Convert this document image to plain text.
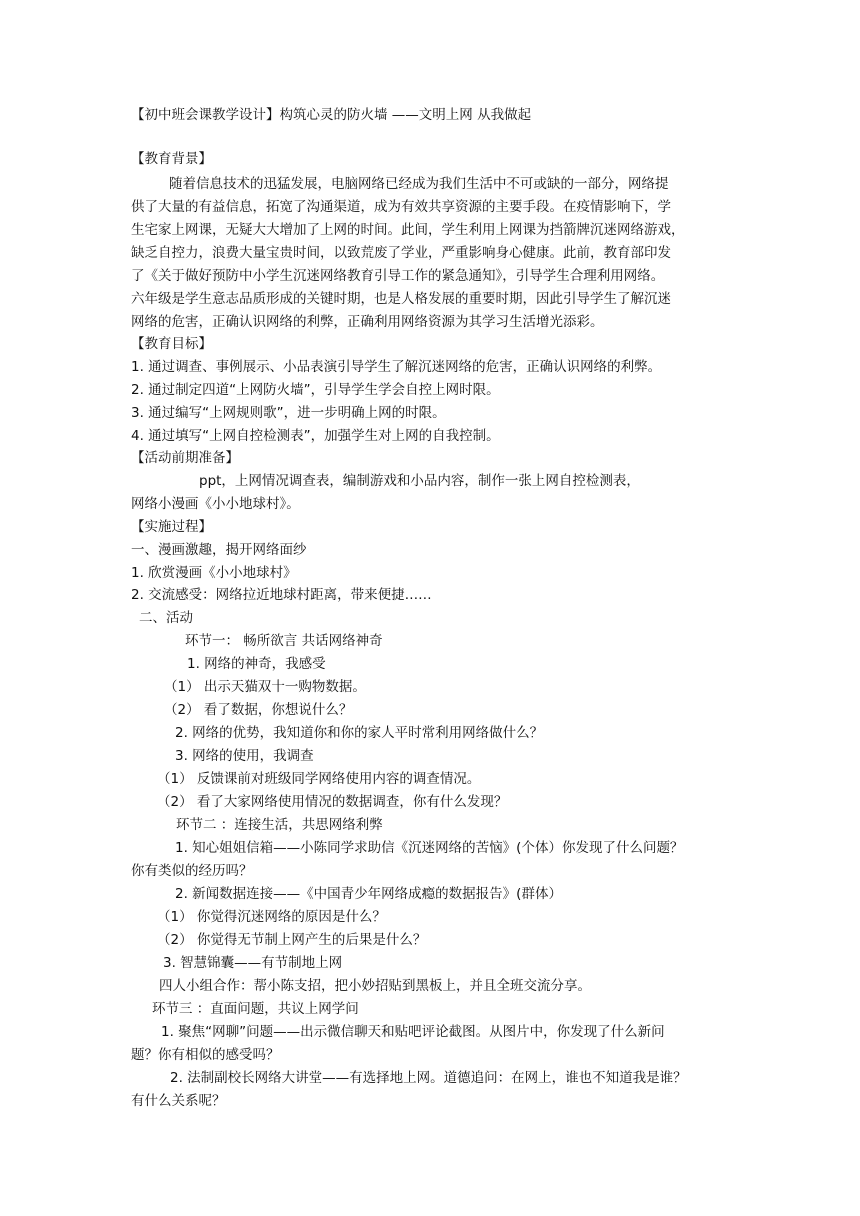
【初中班会课教学设计】构筑心灵的防火墙 ——文明上网 从我做起

【教育背景】

随着信息技术的迅猛发展，电脑网络已经成为我们生活中不可或缺的一部分，网络提

供了大量的有益信息，拓宽了沟通渠道，成为有效共享资源的主要手段。在疫情影响下，学

生宅家上网课，无疑大大增加了上网的时间。此间，学生利用上网课为挡箭牌沉迷网络游戏，

缺乏自控力，浪费大量宝贵时间，以致荒废了学业，严重影响身心健康。此前，教育部印发

了《关于做好预防中小学生沉迷网络教育引导工作的紧急通知》，引导学生合理利用网络。

六年级是学生意志品质形成的关键时期，也是人格发展的重要时期，因此引导学生了解沉迷

网络的危害，正确认识网络的利弊，正确利用网络资源为其学习生活增光添彩。

【教育目标】

1. 通过调查、事例展示、小品表演引导学生了解沉迷网络的危害，正确认识网络的利弊。

2. 通过制定四道“上网防火墙”，引导学生学会自控上网时限。

3. 通过编写“上网规则歌”，进一步明确上网的时限。

4. 通过填写“上网自控检测表”，加强学生对上网的自我控制。

【活动前期准备】

ppt，上网情况调查表，编制游戏和小品内容，制作一张上网自控检测表，

网络小漫画《小小地球村》。

【实施过程】

一、漫画激趣，揭开网络面纱

1. 欣赏漫画《小小地球村》

2. 交流感受：网络拉近地球村距离，带来便捷……

二、活动

环节一： 畅所欲言 共话网络神奇

1. 网络的神奇，我感受

（1） 出示天猫双十一购物数据。

（2） 看了数据，你想说什么？

2. 网络的优势，我知道你和你的家人平时常利用网络做什么？

3. 网络的使用，我调查

（1） 反馈课前对班级同学网络使用内容的调查情况。

（2） 看了大家网络使用情况的数据调查，你有什么发现？

环节二 ：连接生活，共思网络利弊

1. 知心姐姐信箱——小陈同学求助信《沉迷网络的苦恼》(个体）你发现了什么问题？

你有类似的经历吗？

2. 新闻数据连接——《中国青少年网络成瘾的数据报告》(群体）

（1） 你觉得沉迷网络的原因是什么？

（2） 你觉得无节制上网产生的后果是什么？

3. 智慧锦囊——有节制地上网

四人小组合作：帮小陈支招，把小妙招贴到黑板上，并且全班交流分享。

环节三 ：直面问题，共议上网学问

1. 聚焦“网聊”问题——出示微信聊天和贴吧评论截图。从图片中，你发现了什么新问

题？你有相似的感受吗？

2. 法制副校长网络大讲堂——有选择地上网。道德追问：在网上，谁也不知道我是谁？

有什么关系呢？
